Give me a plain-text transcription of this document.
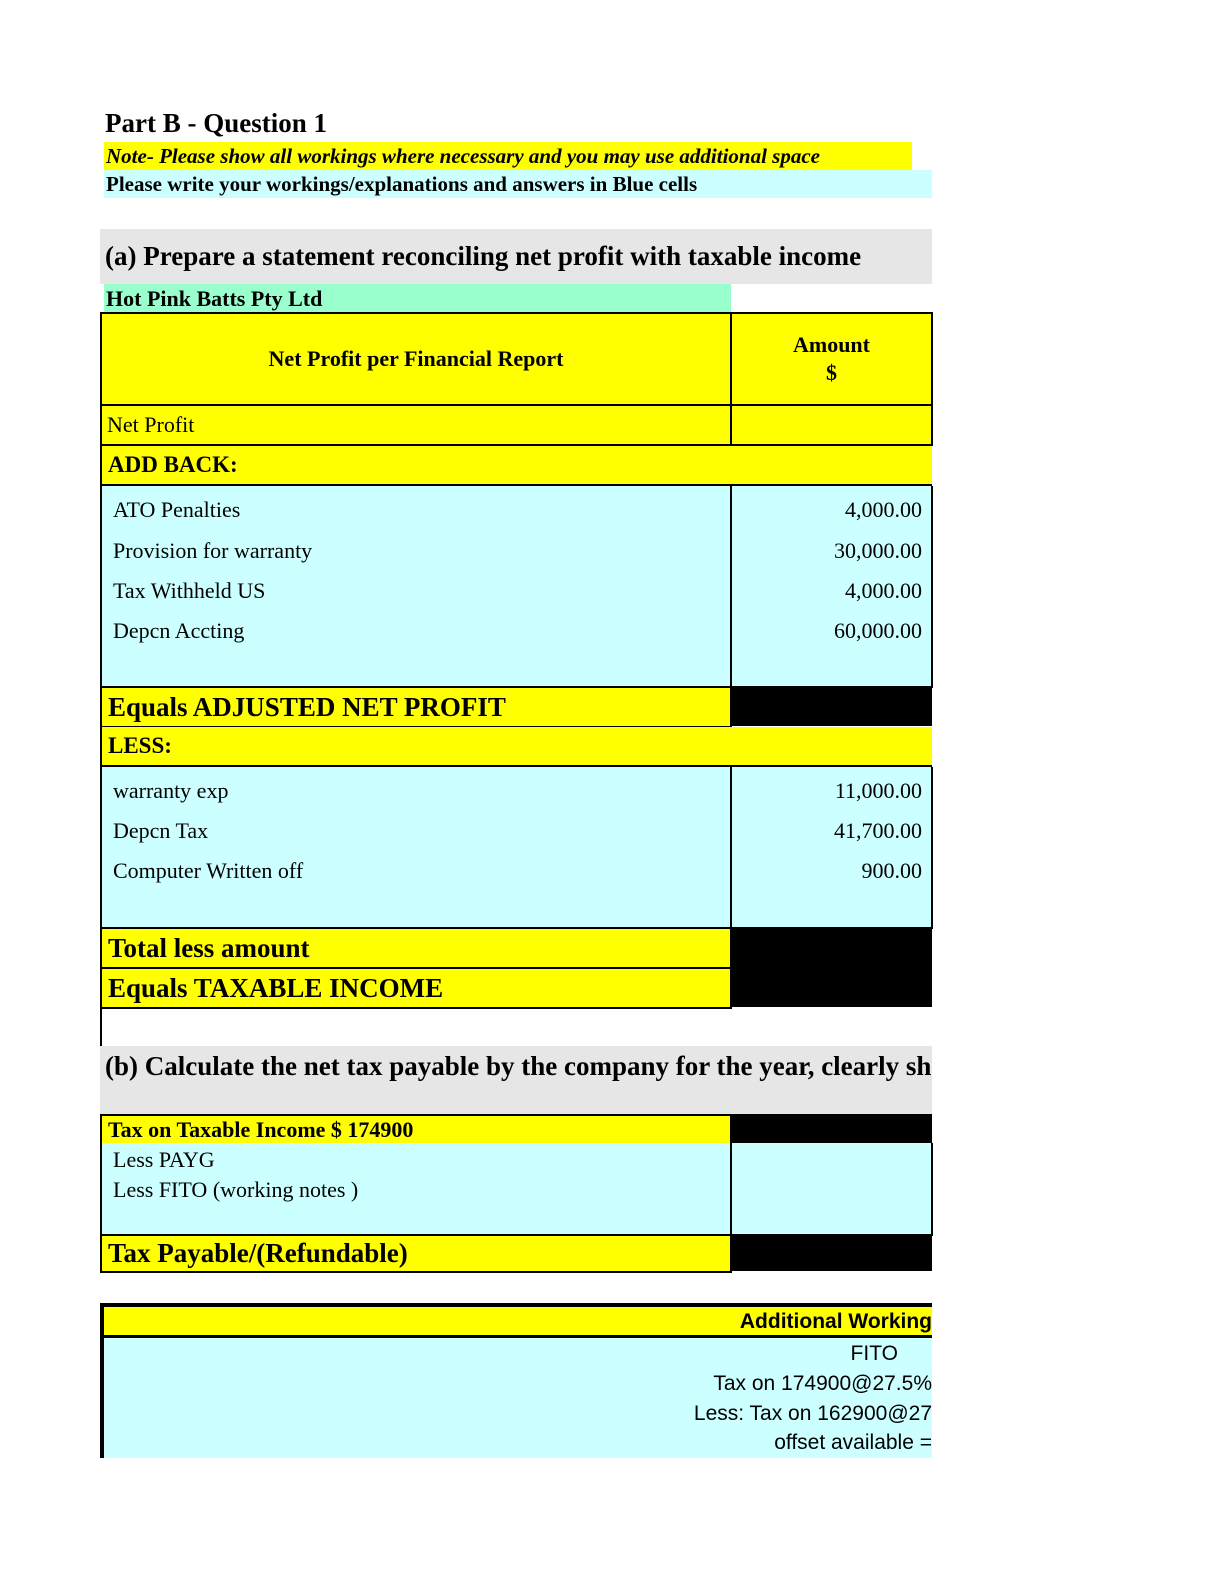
Part B - Question 1
Note- Please show all workings where necessary and you may use additional space
Please write your workings/explanations and answers in Blue cells
(a) Prepare a statement reconciling net profit with taxable income
Hot Pink Batts Pty Ltd
Net Profit per Financial Report
Amount
$
Net Profit
ADD BACK:
ATO Penalties	4,000.00
Provision for warranty	30,000.00
Tax Withheld US	4,000.00
Depcn Accting	60,000.00
Equals ADJUSTED NET PROFIT
LESS:
warranty exp	11,000.00
Depcn Tax	41,700.00
Computer Written off	900.00
Total less amount
Equals TAXABLE INCOME
(b) Calculate the net tax payable by the company for the year, clearly sh
Tax on Taxable Income $ 174900
Less PAYG
Less FITO (working notes )
Tax Payable/(Refundable)
Additional Working
FITO
Tax on 174900@27.5%
Less: Tax on 162900@27
offset available =
